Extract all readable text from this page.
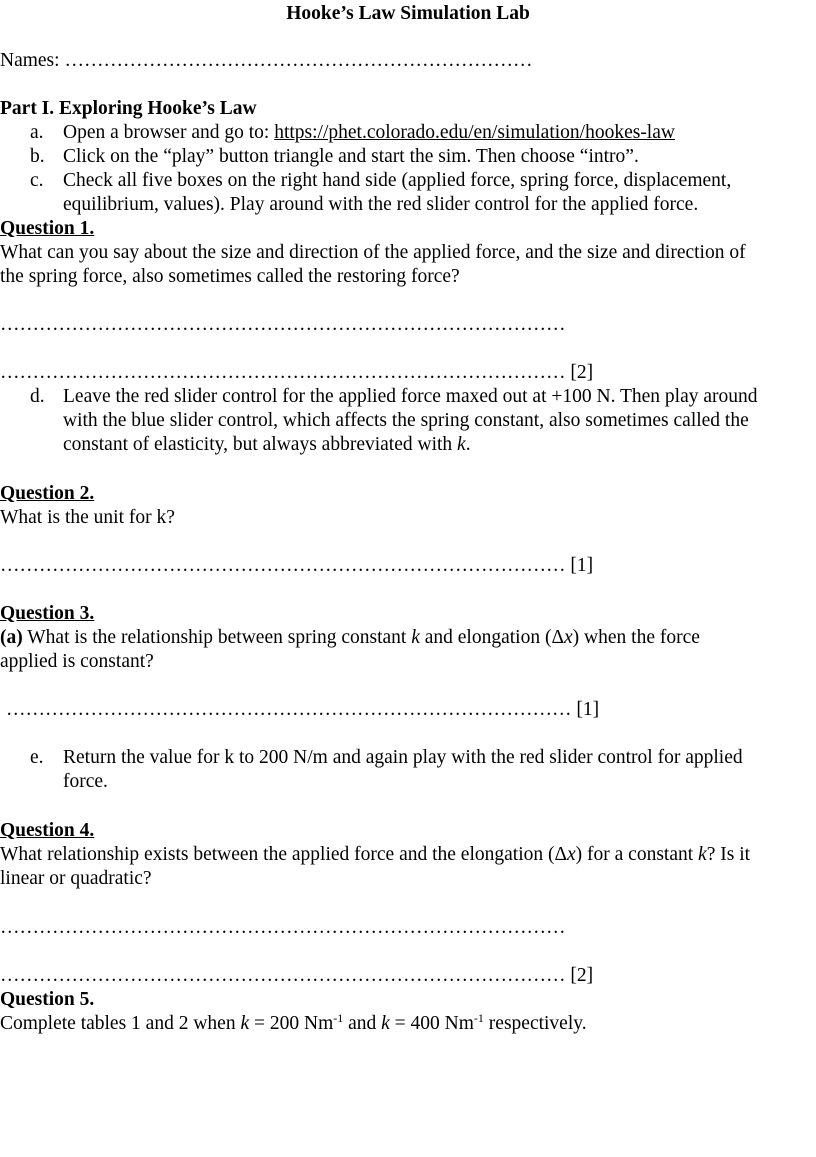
Hooke’s Law Simulation Lab
Names: ………………………………………………………………
Part I. Exploring Hooke’s Law
a. Open a browser and go to: https://phet.colorado.edu/en/simulation/hookes-law
b. Click on the “play” button triangle and start the sim. Then choose “intro”.
c. Check all five boxes on the right hand side (applied force, spring force, displacement,
equilibrium, values). Play around with the red slider control for the applied force.
Question 1.
What can you say about the size and direction of the applied force, and the size and direction of
the spring force, also sometimes called the restoring force?
……………………………………………………………………………
…………………………………………………………………………… [2]
d. Leave the red slider control for the applied force maxed out at +100 N. Then play around
with the blue slider control, which affects the spring constant, also sometimes called the
constant of elasticity, but always abbreviated with k.
Question 2.
What is the unit for k?
…………………………………………………………………………… [1]
Question 3.
(a) What is the relationship between spring constant k and elongation (Δx) when the force
applied is constant?
…………………………………………………………………………… [1]
e. Return the value for k to 200 N/m and again play with the red slider control for applied
force.
Question 4.
What relationship exists between the applied force and the elongation (Δx) for a constant k? Is it
linear or quadratic?
……………………………………………………………………………
…………………………………………………………………………… [2]
Question 5.
Complete tables 1 and 2 when k = 200 $Nm^{-1}$ and k = 400 $Nm^{-1}$ respectively.
